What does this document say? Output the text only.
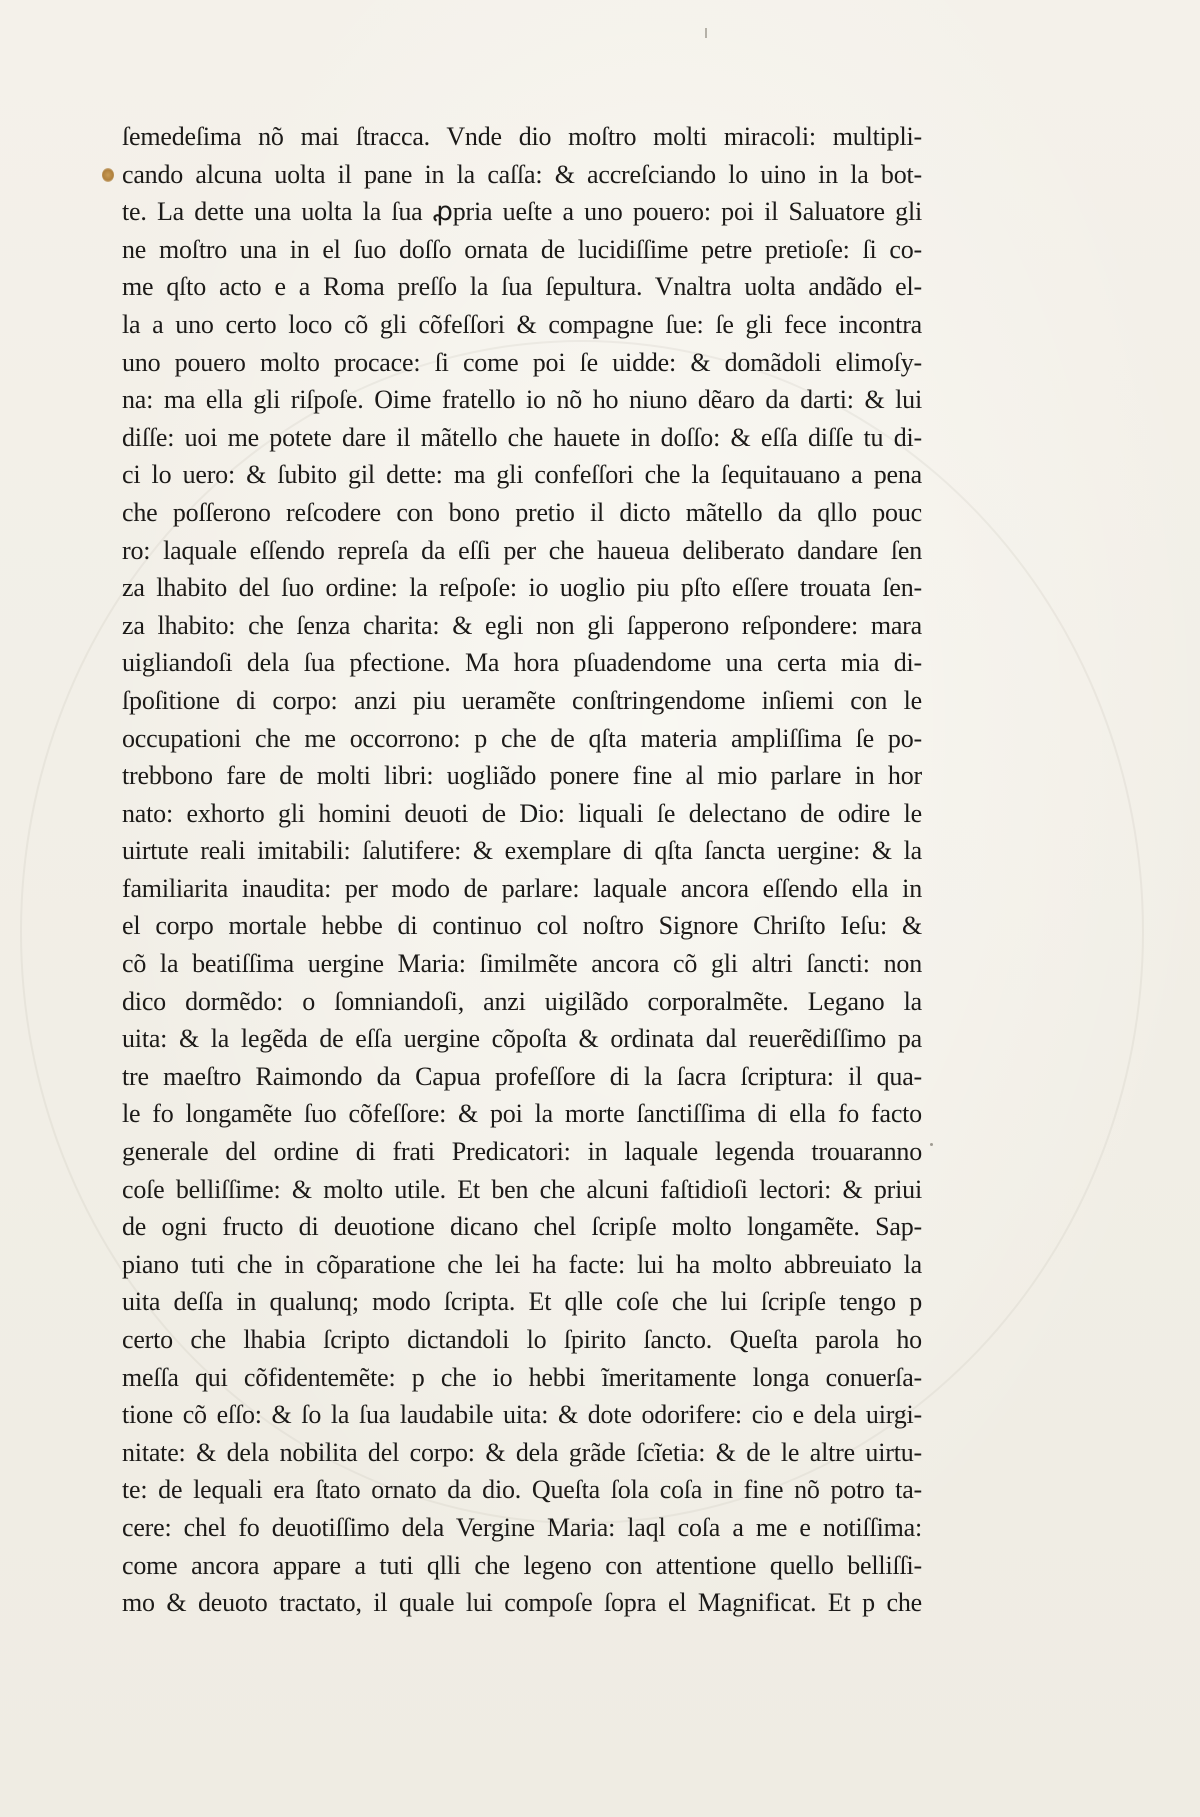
ſemedeſima nõ mai ſtracca. Vnde dio moſtro molti miracoli: multipli‑
cando alcuna uolta il pane in la caſſa: & accreſciando lo uino in la bot‑
te. La dette una uolta la ſua ꝓpria ueſte a uno pouero: poi il Saluatore gli
ne moſtro una in el ſuo doſſo ornata de lucidiſſime petre pretioſe: ſi co‑
me qſto acto e a Roma preſſo la ſua ſepultura. Vnaltra uolta andãdo el‑
la a uno certo loco cõ gli cõfeſſori & compagne ſue: ſe gli fece incontra
uno pouero molto procace: ſi come poi ſe uidde: & domãdoli elimoſy‑
na: ma ella gli riſpoſe. Oime fratello io nõ ho niuno dẽaro da darti: & lui
diſſe: uoi me potete dare il mãtello che hauete in doſſo: & eſſa diſſe tu di‑
ci lo uero: & ſubito gil dette: ma gli confeſſori che la ſequitauano a pena
che poſſerono reſcodere con bono pretio il dicto mãtello da qllo pouc
ro: laquale eſſendo repreſa da eſſi per che haueua deliberato dandare ſen
za lhabito del ſuo ordine: la reſpoſe: io uoglio piu pſto eſſere trouata ſen‑
za lhabito: che ſenza charita: & egli non gli ſapperono reſpondere: mara
uigliandoſi dela ſua pfectione. Ma hora pſuadendome una certa mia di‑
ſpoſitione di corpo: anzi piu ueramẽte conſtringendome inſiemi con le
occupationi che me occorrono: p che de qſta materia ampliſſima ſe po‑
trebbono fare de molti libri: uogliãdo ponere fine al mio parlare in hor
nato: exhorto gli homini deuoti de Dio: liquali ſe delectano de odire le
uirtute reali imitabili: ſalutifere: & exemplare di qſta ſancta uergine: & la
familiarita inaudita: per modo de parlare: laquale ancora eſſendo ella in
el corpo mortale hebbe di continuo col noſtro Signore Chriſto Ieſu: &
cõ la beatiſſima uergine Maria: ſimilmẽte ancora cõ gli altri ſancti: non
dico dormẽdo: o ſomniandoſi, anzi uigilãdo corporalmẽte. Legano la
uita: & la legẽda de eſſa uergine cõpoſta & ordinata dal reuerẽdiſſimo pa
tre maeſtro Raimondo da Capua profeſſore di la ſacra ſcriptura: il qua‑
le fo longamẽte ſuo cõfeſſore: & poi la morte ſanctiſſima di ella fo facto
generale del ordine di frati Predicatori: in laquale legenda trouaranno
coſe belliſſime: & molto utile. Et ben che alcuni faſtidioſi lectori: & priui
de ogni fructo di deuotione dicano chel ſcripſe molto longamẽte. Sap‑
piano tuti che in cõparatione che lei ha facte: lui ha molto abbreuiato la
uita deſſa in qualunq; modo ſcripta. Et qlle coſe che lui ſcripſe tengo p
certo che lhabia ſcripto dictandoli lo ſpirito ſancto. Queſta parola ho
meſſa qui cõfidentemẽte: p che io hebbi ĩmeritamente longa conuerſa‑
tione cõ eſſo: & ſo la ſua laudabile uita: & dote odorifere: cio e dela uirgi‑
nitate: & dela nobilita del corpo: & dela grãde ſcĩetia: & de le altre uirtu‑
te: de lequali era ſtato ornato da dio. Queſta ſola coſa in fine nõ potro ta‑
cere: chel fo deuotiſſimo dela Vergine Maria: laql coſa a me e notiſſima:
come ancora appare a tuti qlli che legeno con attentione quello belliſſi‑
mo & deuoto tractato, il quale lui compoſe ſopra el Magnificat. Et p che
